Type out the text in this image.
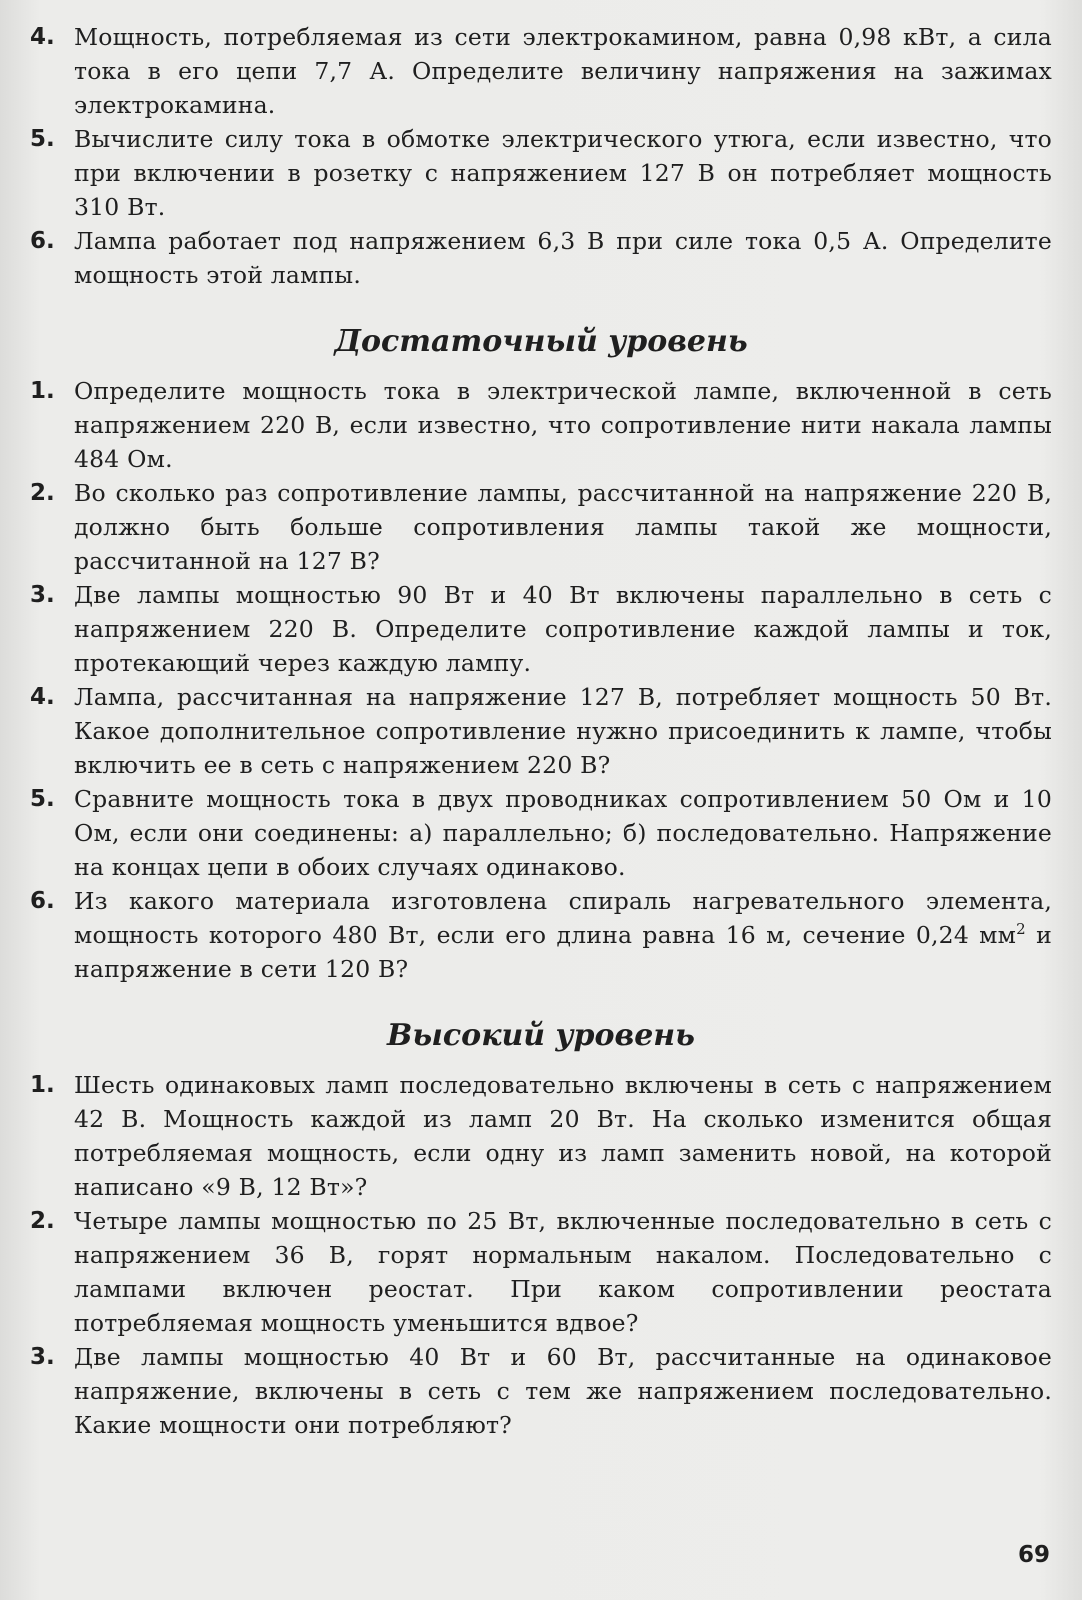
4. Мощность, потребляемая из сети электрокамином, равна 0,98 кВт, а сила тока в его цепи 7,7 А. Определите величину напряжения на зажимах электрокамина.
5. Вычислите силу тока в обмотке электрического утюга, если известно, что при включении в розетку с напряжением 127 В он потребляет мощность 310 Вт.
6. Лампа работает под напряжением 6,3 В при силе тока 0,5 А. Определите мощность этой лампы.
Достаточный уровень
1. Определите мощность тока в электрической лампе, включенной в сеть напряжением 220 В, если известно, что сопротивление нити накала лампы 484 Ом.
2. Во сколько раз сопротивление лампы, рассчитанной на напряжение 220 В, должно быть больше сопротивления лампы такой же мощности, рассчитанной на 127 В?
3. Две лампы мощностью 90 Вт и 40 Вт включены параллельно в сеть с напряжением 220 В. Определите сопротивление каждой лампы и ток, протекающий через каждую лампу.
4. Лампа, рассчитанная на напряжение 127 В, потребляет мощность 50 Вт. Какое дополнительное сопротивление нужно присоединить к лампе, чтобы включить ее в сеть с напряжением 220 В?
5. Сравните мощность тока в двух проводниках сопротивлением 50 Ом и 10 Ом, если они соединены: а) параллельно; б) последовательно. Напряжение на концах цепи в обоих случаях одинаково.
6. Из какого материала изготовлена спираль нагревательного элемента, мощность которого 480 Вт, если его длина равна 16 м, сечение 0,24 $мм^2$ и напряжение в сети 120 В?
Высокий уровень
1. Шесть одинаковых ламп последовательно включены в сеть с напряжением 42 В. Мощность каждой из ламп 20 Вт. На сколько изменится общая потребляемая мощность, если одну из ламп заменить новой, на которой написано «9 В, 12 Вт»?
2. Четыре лампы мощностью по 25 Вт, включенные последовательно в сеть с напряжением 36 В, горят нормальным накалом. Последовательно с лампами включен реостат. При каком сопротивлении реостата потребляемая мощность уменьшится вдвое?
3. Две лампы мощностью 40 Вт и 60 Вт, рассчитанные на одинаковое напряжение, включены в сеть с тем же напряжением последовательно. Какие мощности они потребляют?
69
